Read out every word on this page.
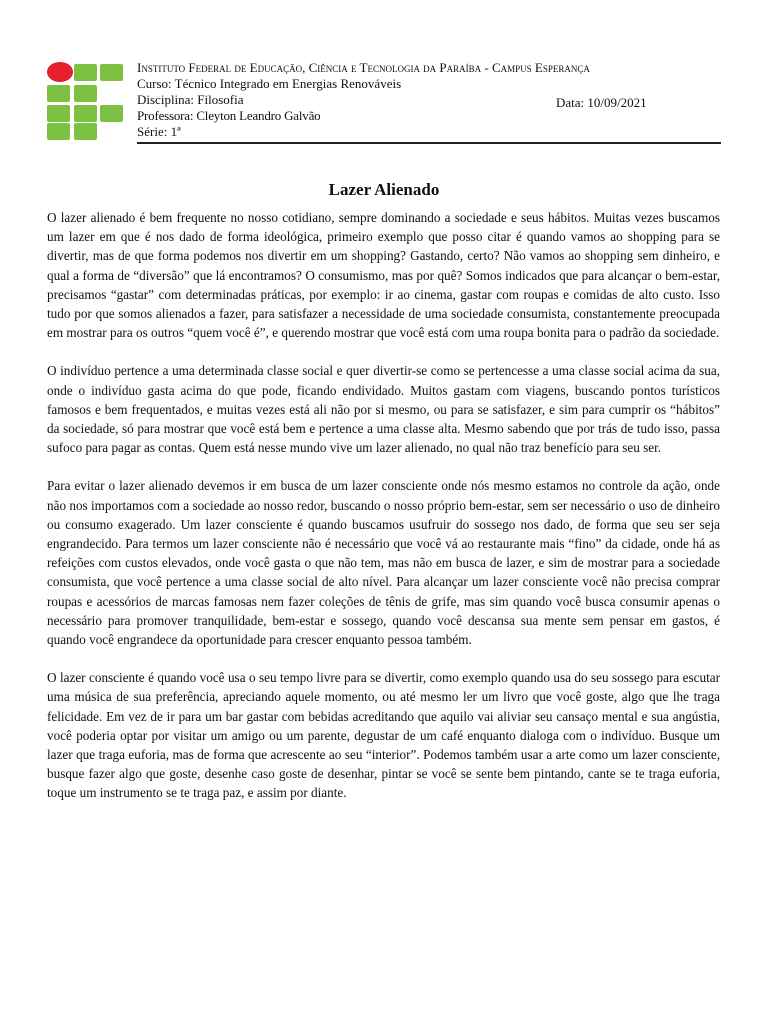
Instituto Federal de Educação, Ciência e Tecnologia da Paraíba - Campus Esperança
Curso: Técnico Integrado em Energias Renováveis
Disciplina: Filosofia
Professora: Cleyton Leandro Galvão
Série: 1ª
Data: 10/09/2021
Lazer Alienado

O lazer alienado é bem frequente no nosso cotidiano, sempre dominando a sociedade e seus hábitos. Muitas vezes buscamos um lazer em que é nos dado de forma ideológica, primeiro exemplo que posso citar é quando vamos ao shopping para se divertir, mas de que forma podemos nos divertir em um shopping? Gastando, certo? Não vamos ao shopping sem dinheiro, e qual a forma de “diversão” que lá encontramos? O consumismo, mas por quê? Somos indicados que para alcançar o bem-estar, precisamos “gastar” com determinadas práticas, por exemplo: ir ao cinema, gastar com roupas e comidas de alto custo. Isso tudo por que somos alienados a fazer, para satisfazer a necessidade de uma sociedade consumista, constantemente preocupada em mostrar para os outros “quem você é”, e querendo mostrar que você está com uma roupa bonita para o padrão da sociedade.

O indivíduo pertence a uma determinada classe social e quer divertir-se como se pertencesse a uma classe social acima da sua, onde o indivíduo gasta acima do que pode, ficando endividado. Muitos gastam com viagens, buscando pontos turísticos famosos e bem frequentados, e muitas vezes está ali não por si mesmo, ou para se satisfazer, e sim para cumprir os “hábitos” da sociedade, só para mostrar que você está bem e pertence a uma classe alta. Mesmo sabendo que por trás de tudo isso, passa sufoco para pagar as contas. Quem está nesse mundo vive um lazer alienado, no qual não traz benefício para seu ser.

Para evitar o lazer alienado devemos ir em busca de um lazer consciente onde nós mesmo estamos no controle da ação, onde não nos importamos com a sociedade ao nosso redor, buscando o nosso próprio bem-estar, sem ser necessário o uso de dinheiro ou consumo exagerado. Um lazer consciente é quando buscamos usufruir do sossego nos dado, de forma que seu ser seja engrandecido. Para termos um lazer consciente não é necessário que você vá ao restaurante mais “fino” da cidade, onde há as refeições com custos elevados, onde você gasta o que não tem, mas não em busca de lazer, e sim de mostrar para a sociedade consumista, que você pertence a uma classe social de alto nível. Para alcançar um lazer consciente você não precisa comprar roupas e acessórios de marcas famosas nem fazer coleções de tênis de grife, mas sim quando você busca consumir apenas o necessário para promover tranquilidade, bem-estar e sossego, quando você descansa sua mente sem pensar em gastos, é quando você engrandece da oportunidade para crescer enquanto pessoa também.

O lazer consciente é quando você usa o seu tempo livre para se divertir, como exemplo quando usa do seu sossego para escutar uma música de sua preferência, apreciando aquele momento, ou até mesmo ler um livro que você goste, algo que lhe traga felicidade. Em vez de ir para um bar gastar com bebidas acreditando que aquilo vai aliviar seu cansaço mental e sua angústia, você poderia optar por visitar um amigo ou um parente, degustar de um café enquanto dialoga com o indivíduo. Busque um lazer que traga euforia, mas de forma que acrescente ao seu “interior”. Podemos também usar a arte como um lazer consciente, busque fazer algo que goste, desenhe caso goste de desenhar, pintar se você se sente bem pintando, cante se te traga euforia, toque um instrumento se te traga paz, e assim por diante.
